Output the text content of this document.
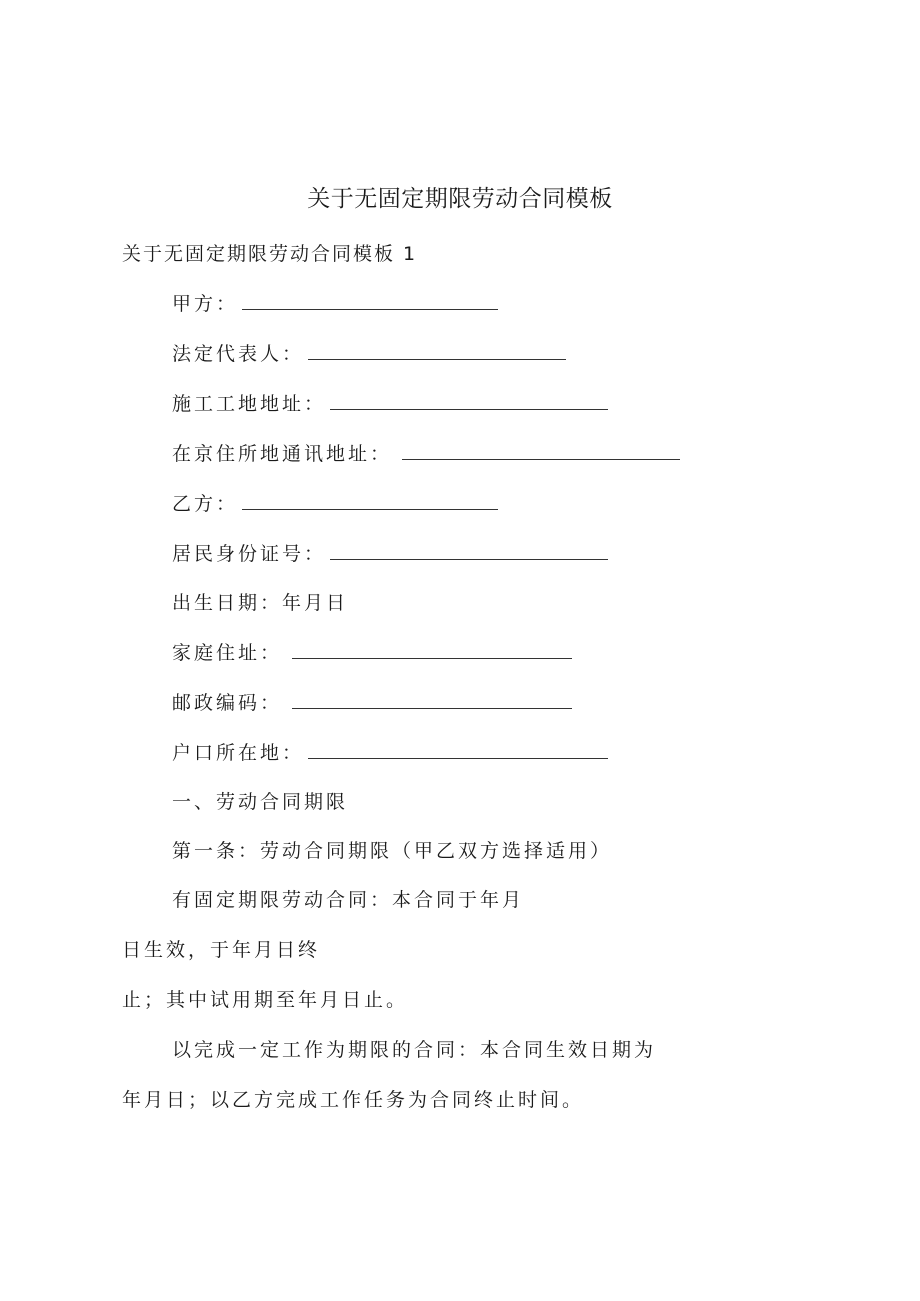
关于无固定期限劳动合同模板
关于无固定期限劳动合同模板 1
甲方：
法定代表人：
施工工地地址：
在京住所地通讯地址：
乙方：
居民身份证号：
出生日期：年月日
家庭住址：
邮政编码：
户口所在地：
一、劳动合同期限
第一条：劳动合同期限（甲乙双方选择适用）
有固定期限劳动合同：本合同于年月
日生效，于年月日终
止；其中试用期至年月日止。
以完成一定工作为期限的合同：本合同生效日期为
年月日；以乙方完成工作任务为合同终止时间。
